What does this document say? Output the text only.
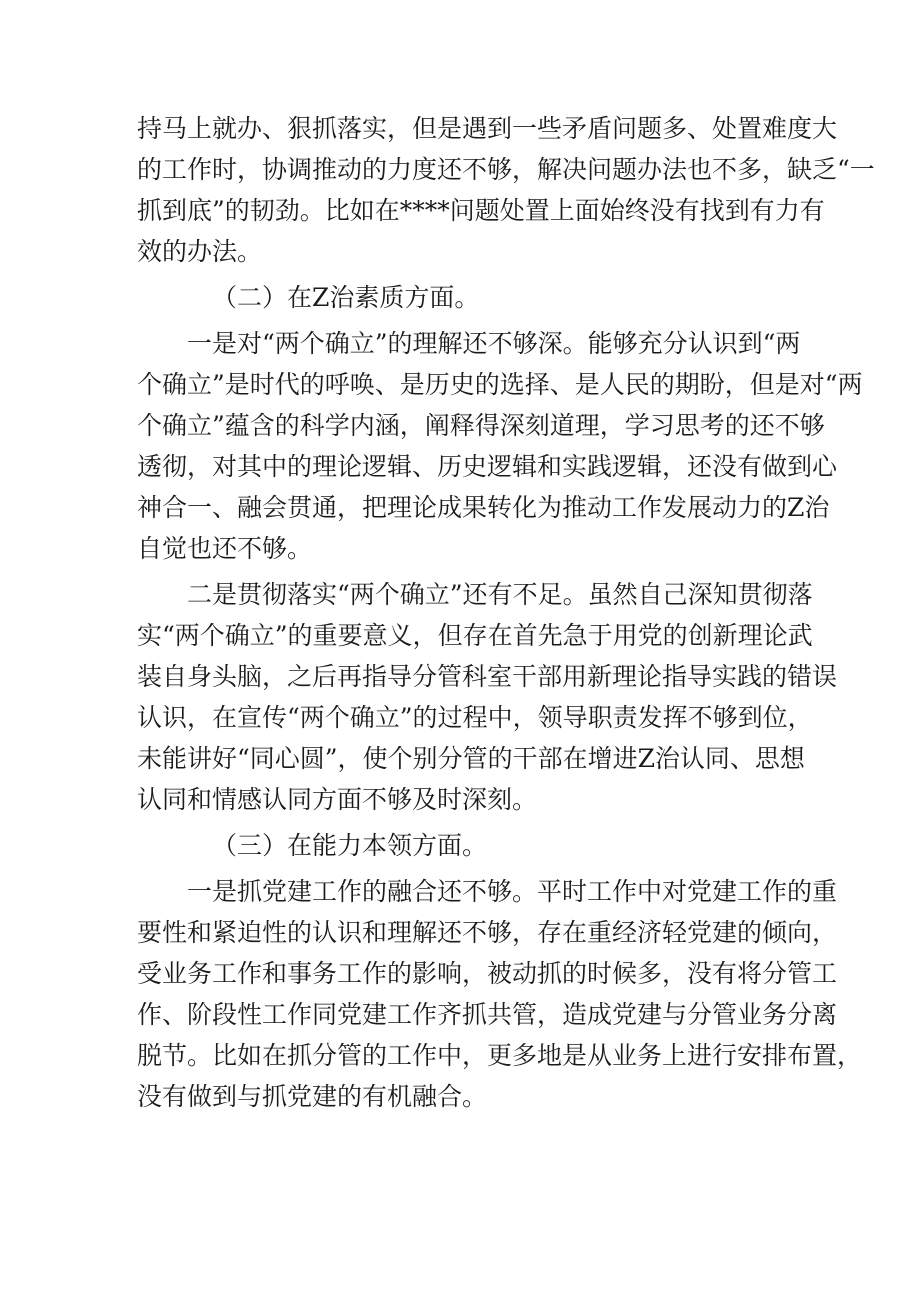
持马上就办、狠抓落实，但是遇到一些矛盾问题多、处置难度大
的工作时，协调推动的力度还不够，解决问题办法也不多，缺乏“一
抓到底”的韧劲。比如在****问题处置上面始终没有找到有力有
效的办法。
（二）在Z治素质方面。
一是对“两个确立”的理解还不够深。能够充分认识到“两
个确立”是时代的呼唤、是历史的选择、是人民的期盼，但是对“两
个确立”蕴含的科学内涵，阐释得深刻道理，学习思考的还不够
透彻，对其中的理论逻辑、历史逻辑和实践逻辑，还没有做到心
神合一、融会贯通，把理论成果转化为推动工作发展动力的Z治
自觉也还不够。
二是贯彻落实“两个确立”还有不足。虽然自己深知贯彻落
实“两个确立”的重要意义，但存在首先急于用党的创新理论武
装自身头脑，之后再指导分管科室干部用新理论指导实践的错误
认识，在宣传“两个确立”的过程中，领导职责发挥不够到位，
未能讲好“同心圆”，使个别分管的干部在增进Z治认同、思想
认同和情感认同方面不够及时深刻。
（三）在能力本领方面。
一是抓党建工作的融合还不够。平时工作中对党建工作的重
要性和紧迫性的认识和理解还不够，存在重经济轻党建的倾向，
受业务工作和事务工作的影响，被动抓的时候多，没有将分管工
作、阶段性工作同党建工作齐抓共管，造成党建与分管业务分离
脱节。比如在抓分管的工作中，更多地是从业务上进行安排布置，
没有做到与抓党建的有机融合。
